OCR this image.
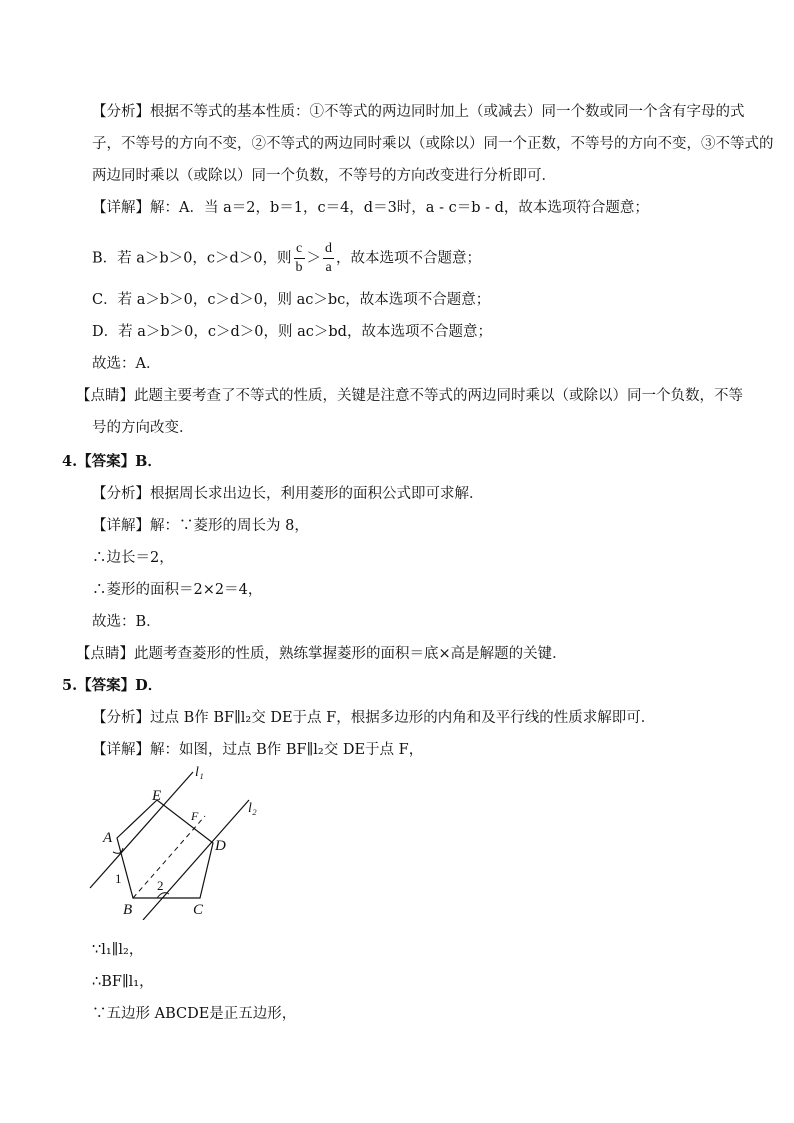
【分析】根据不等式的基本性质：①不等式的两边同时加上（或减去）同一个数或同一个含有字母的式
子，不等号的方向不变，②不等式的两边同时乘以（或除以）同一个正数，不等号的方向不变，③不等式的
两边同时乘以（或除以）同一个负数，不等号的方向改变进行分析即可．
【详解】解：A．当 a＝2，b＝1，c＝4，d＝3时，a - c＝b - d，故本选项符合题意；
B．若 a＞b＞0，c＞d＞0，则 $\frac{c}{b} > \frac{d}{a}$ ，故本选项不合题意；
C．若 a＞b＞0，c＞d＞0，则 ac＞bc，故本选项不合题意；
D．若 a＞b＞0，c＞d＞0，则 ac＞bd，故本选项不合题意；
故选：A．
【点睛】此题主要考查了不等式的性质，关键是注意不等式的两边同时乘以（或除以）同一个负数，不等
号的方向改变．
4.【答案】B．
【分析】根据周长求出边长，利用菱形的面积公式即可求解．
【详解】解：∵菱形的周长为 8，
∴边长＝2，
∴菱形的面积＝2×2＝4，
故选：B．
【点睛】此题考查菱形的性质，熟练掌握菱形的面积＝底×高是解题的关键．
5.【答案】D．
【分析】过点 B作 BF∥l₂交 DE于点 F，根据多边形的内角和及平行线的性质求解即可．
【详解】解：如图，过点 B作 BF∥l₂交 DE于点 F，
l₁
l₂
E
F
A	D
1	2
B	C
∵l₁∥l₂，
∴BF∥l₁，
∵五边形 ABCDE是正五边形，
